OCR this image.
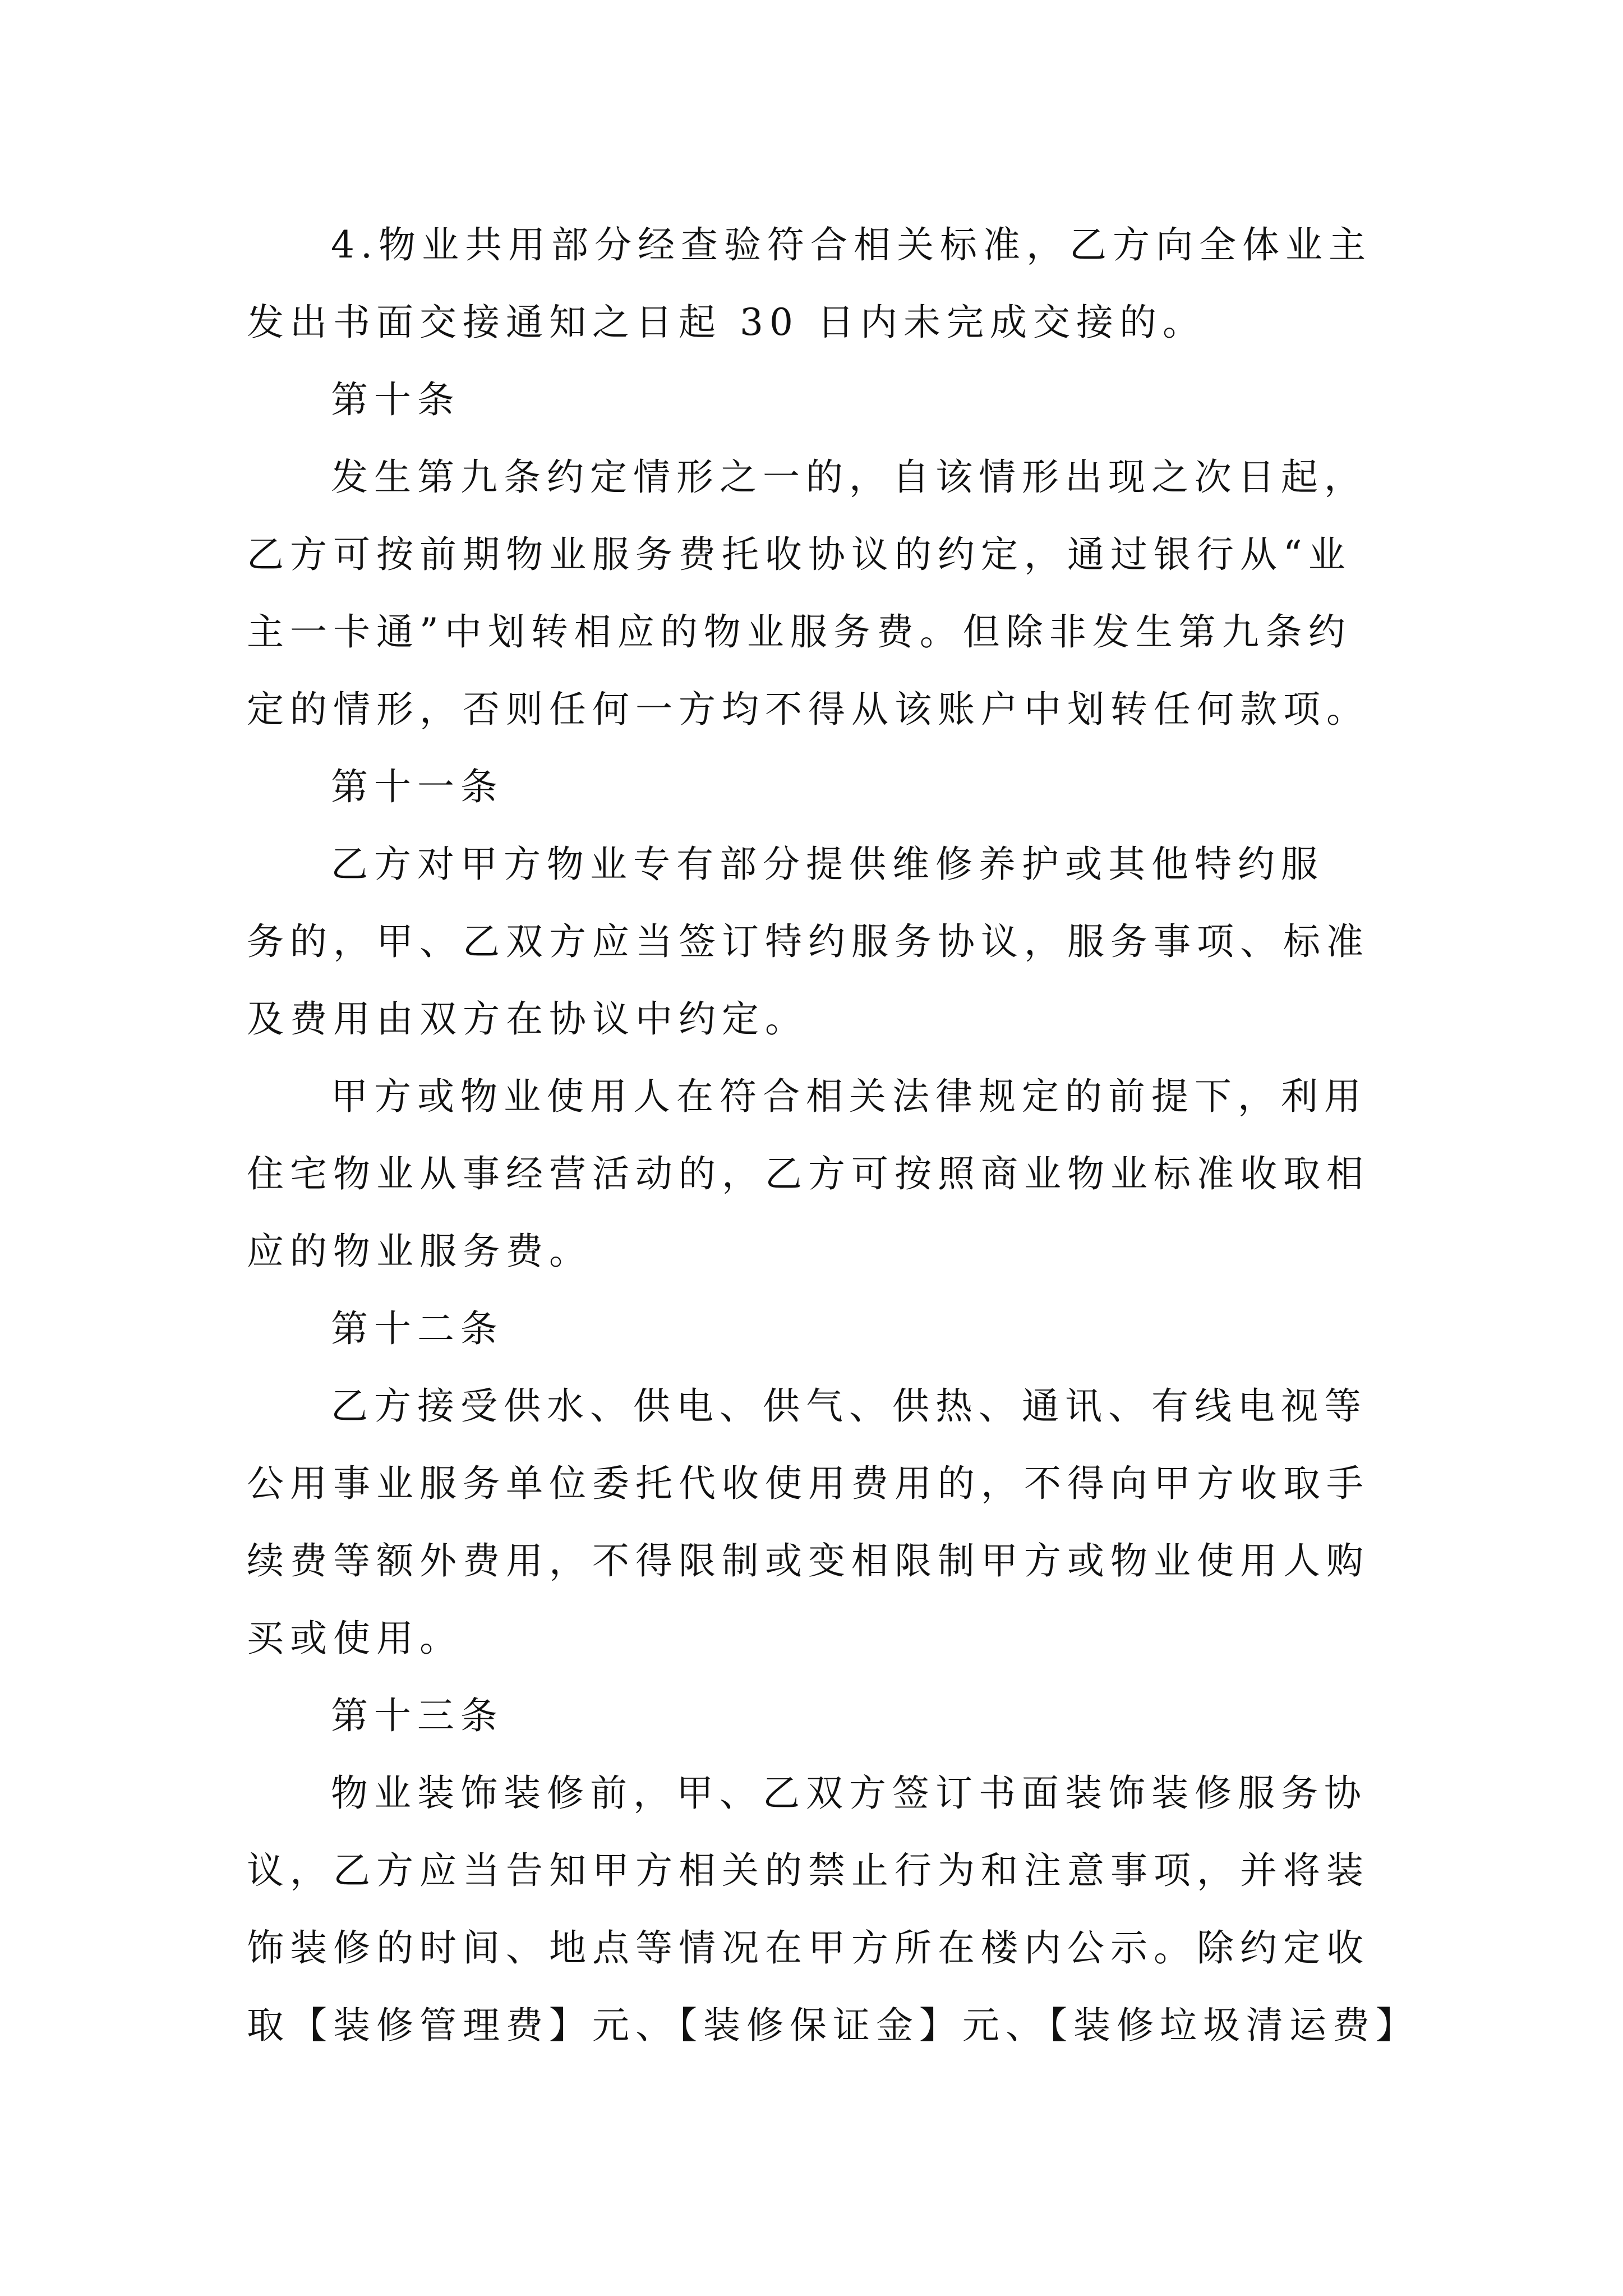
4.物业共用部分经查验符合相关标准，乙方向全体业主
发出书面交接通知之日起 30 日内未完成交接的。
第十条
发生第九条约定情形之一的，自该情形出现之次日起，
乙方可按前期物业服务费托收协议的约定，通过银行从“业
主一卡通”中划转相应的物业服务费。但除非发生第九条约
定的情形，否则任何一方均不得从该账户中划转任何款项。
第十一条
乙方对甲方物业专有部分提供维修养护或其他特约服
务的，甲、乙双方应当签订特约服务协议，服务事项、标准
及费用由双方在协议中约定。
甲方或物业使用人在符合相关法律规定的前提下，利用
住宅物业从事经营活动的，乙方可按照商业物业标准收取相
应的物业服务费。
第十二条
乙方接受供水、供电、供气、供热、通讯、有线电视等
公用事业服务单位委托代收使用费用的，不得向甲方收取手
续费等额外费用，不得限制或变相限制甲方或物业使用人购
买或使用。
第十三条
物业装饰装修前，甲、乙双方签订书面装饰装修服务协
议，乙方应当告知甲方相关的禁止行为和注意事项，并将装
饰装修的时间、地点等情况在甲方所在楼内公示。除约定收
取【装修管理费】元、【装修保证金】元、【装修垃圾清运费】
